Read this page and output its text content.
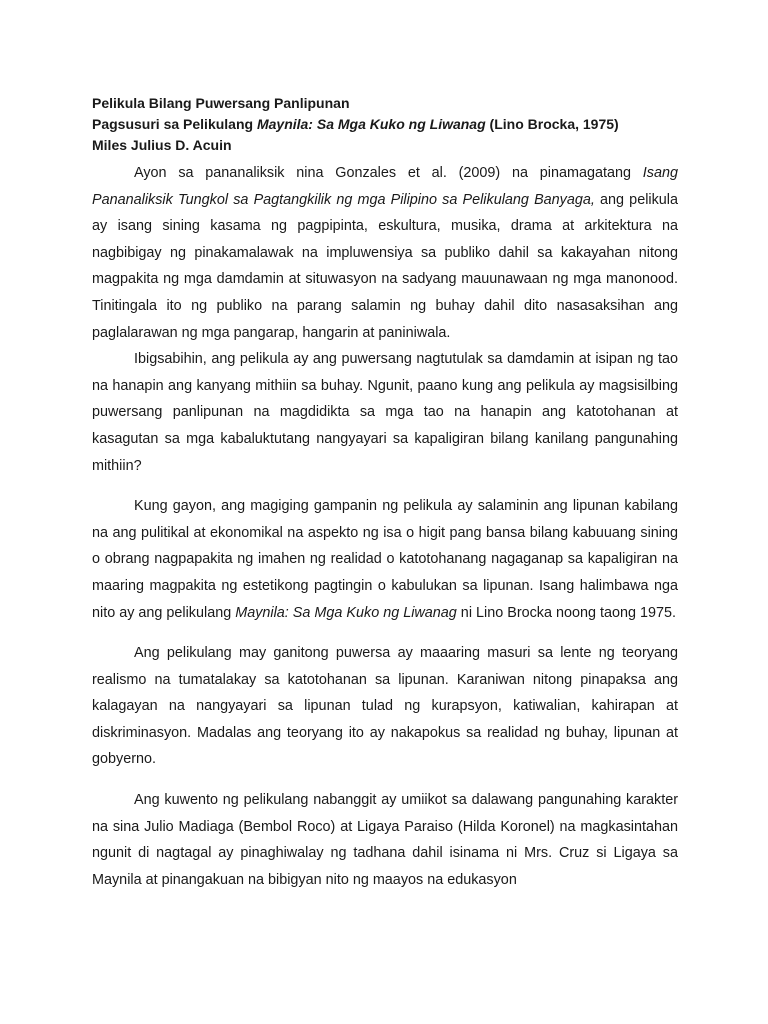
Pelikula Bilang Puwersang Panlipunan
Pagsusuri sa Pelikulang Maynila: Sa Mga Kuko ng Liwanag (Lino Brocka, 1975)
Miles Julius D. Acuin

Ayon sa pananaliksik nina Gonzales et al. (2009) na pinamagatang Isang Pananaliksik Tungkol sa Pagtangkilik ng mga Pilipino sa Pelikulang Banyaga, ang pelikula ay isang sining kasama ng pagpipinta, eskultura, musika, drama at arkitektura na nagbibigay ng pinakamalawak na impluwensiya sa publiko dahil sa kakayahan nitong magpakita ng mga damdamin at situwasyon na sadyang mauunawaan ng mga manonood. Tinitingala ito ng publiko na parang salamin ng buhay dahil dito nasasaksihan ang paglalarawan ng mga pangarap, hangarin at paniniwala.

Ibigsabihin, ang pelikula ay ang puwersang nagtutulak sa damdamin at isipan ng tao na hanapin ang kanyang mithiin sa buhay. Ngunit, paano kung ang pelikula ay magsisilbing puwersang panlipunan na magdidikta sa mga tao na hanapin ang katotohanan at kasagutan sa mga kabaluktutang nangyayari sa kapaligiran bilang kanilang pangunahing mithiin?

Kung gayon, ang magiging gampanin ng pelikula ay salaminin ang lipunan kabilang na ang pulitikal at ekonomikal na aspekto ng isa o higit pang bansa bilang kabuuang sining o obrang nagpapakita ng imahen ng realidad o katotohanang nagaganap sa kapaligiran na maaring magpakita ng estetikong pagtingin o kabulukan sa lipunan. Isang halimbawa nga nito ay ang pelikulang Maynila: Sa Mga Kuko ng Liwanag ni Lino Brocka noong taong 1975.

Ang pelikulang may ganitong puwersa ay maaaring masuri sa lente ng teoryang realismo na tumatalakay sa katotohanan sa lipunan. Karaniwan nitong pinapaksa ang kalagayan na nangyayari sa lipunan tulad ng kurapsyon, katiwalian, kahirapan at diskriminasyon. Madalas ang teoryang ito ay nakapokus sa realidad ng buhay, lipunan at gobyerno.

Ang kuwento ng pelikulang nabanggit ay umiikot sa dalawang pangunahing karakter na sina Julio Madiaga (Bembol Roco) at Ligaya Paraiso (Hilda Koronel) na magkasintahan ngunit di nagtagal ay pinaghiwalay ng tadhana dahil isinama ni Mrs. Cruz si Ligaya sa Maynila at pinangakuan na bibigyan nito ng maayos na edukasyon
